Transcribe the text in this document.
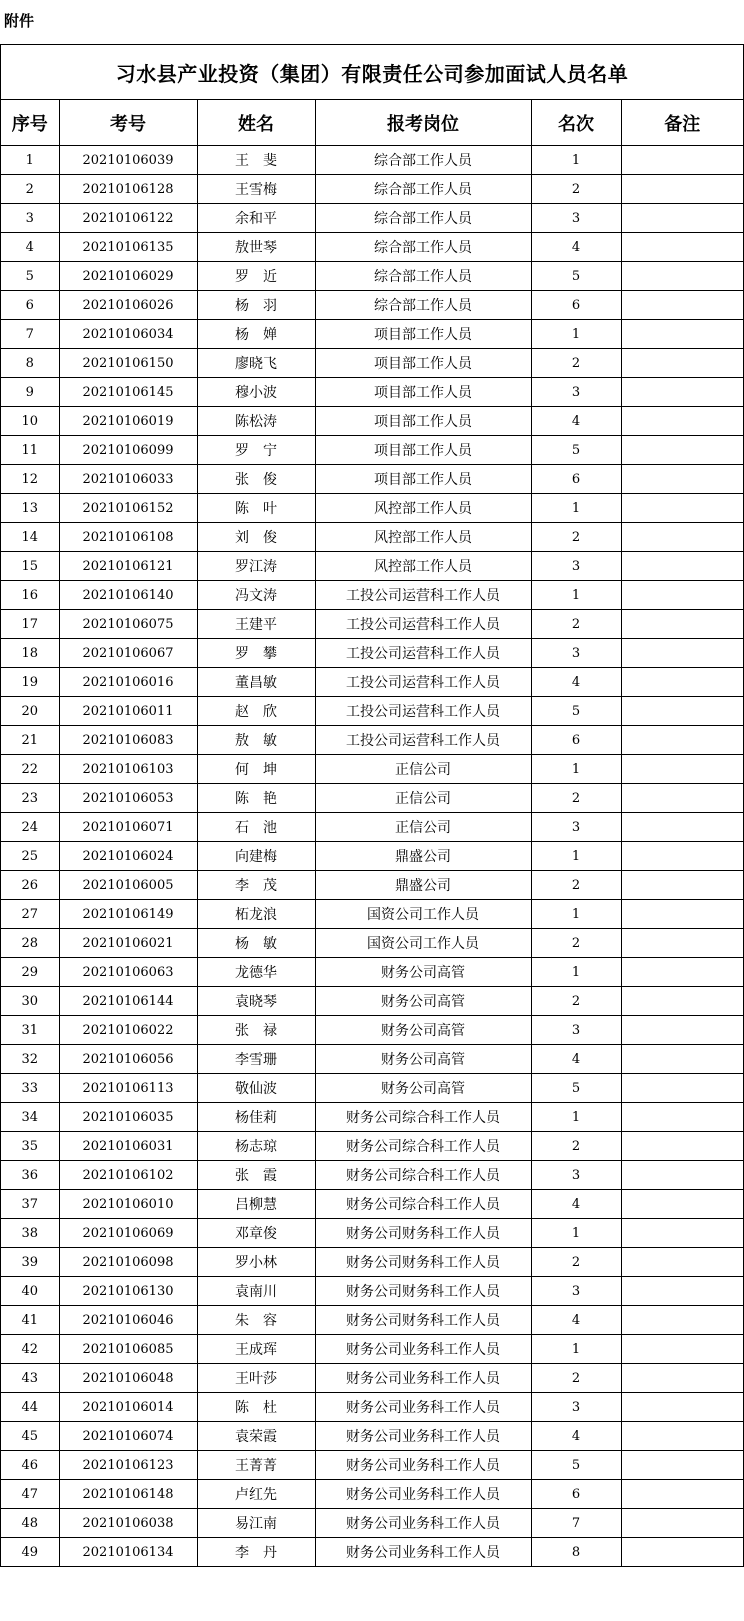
附件
习水县产业投资（集团）有限责任公司参加面试人员名单
序号	考号	姓名	报考岗位	名次	备注
1	20210106039	王　斐	综合部工作人员	1	
2	20210106128	王雪梅	综合部工作人员	2	
3	20210106122	余和平	综合部工作人员	3	
4	20210106135	敖世琴	综合部工作人员	4	
5	20210106029	罗　近	综合部工作人员	5	
6	20210106026	杨　羽	综合部工作人员	6	
7	20210106034	杨　婵	项目部工作人员	1	
8	20210106150	廖晓飞	项目部工作人员	2	
9	20210106145	穆小波	项目部工作人员	3	
10	20210106019	陈松涛	项目部工作人员	4	
11	20210106099	罗　宁	项目部工作人员	5	
12	20210106033	张　俊	项目部工作人员	6	
13	20210106152	陈　叶	风控部工作人员	1	
14	20210106108	刘　俊	风控部工作人员	2	
15	20210106121	罗江涛	风控部工作人员	3	
16	20210106140	冯文涛	工投公司运营科工作人员	1	
17	20210106075	王建平	工投公司运营科工作人员	2	
18	20210106067	罗　攀	工投公司运营科工作人员	3	
19	20210106016	董昌敏	工投公司运营科工作人员	4	
20	20210106011	赵　欣	工投公司运营科工作人员	5	
21	20210106083	敖　敏	工投公司运营科工作人员	6	
22	20210106103	何　坤	正信公司	1	
23	20210106053	陈　艳	正信公司	2	
24	20210106071	石　池	正信公司	3	
25	20210106024	向建梅	鼎盛公司	1	
26	20210106005	李　茂	鼎盛公司	2	
27	20210106149	柘龙浪	国资公司工作人员	1	
28	20210106021	杨　敏	国资公司工作人员	2	
29	20210106063	龙德华	财务公司高管	1	
30	20210106144	袁晓琴	财务公司高管	2	
31	20210106022	张　禄	财务公司高管	3	
32	20210106056	李雪珊	财务公司高管	4	
33	20210106113	敬仙波	财务公司高管	5	
34	20210106035	杨佳莉	财务公司综合科工作人员	1	
35	20210106031	杨志琼	财务公司综合科工作人员	2	
36	20210106102	张　霞	财务公司综合科工作人员	3	
37	20210106010	吕柳慧	财务公司综合科工作人员	4	
38	20210106069	邓章俊	财务公司财务科工作人员	1	
39	20210106098	罗小林	财务公司财务科工作人员	2	
40	20210106130	袁南川	财务公司财务科工作人员	3	
41	20210106046	朱　容	财务公司财务科工作人员	4	
42	20210106085	王成珲	财务公司业务科工作人员	1	
43	20210106048	王叶莎	财务公司业务科工作人员	2	
44	20210106014	陈　杜	财务公司业务科工作人员	3	
45	20210106074	袁荣霞	财务公司业务科工作人员	4	
46	20210106123	王菁菁	财务公司业务科工作人员	5	
47	20210106148	卢红先	财务公司业务科工作人员	6	
48	20210106038	易江南	财务公司业务科工作人员	7	
49	20210106134	李　丹	财务公司业务科工作人员	8	
